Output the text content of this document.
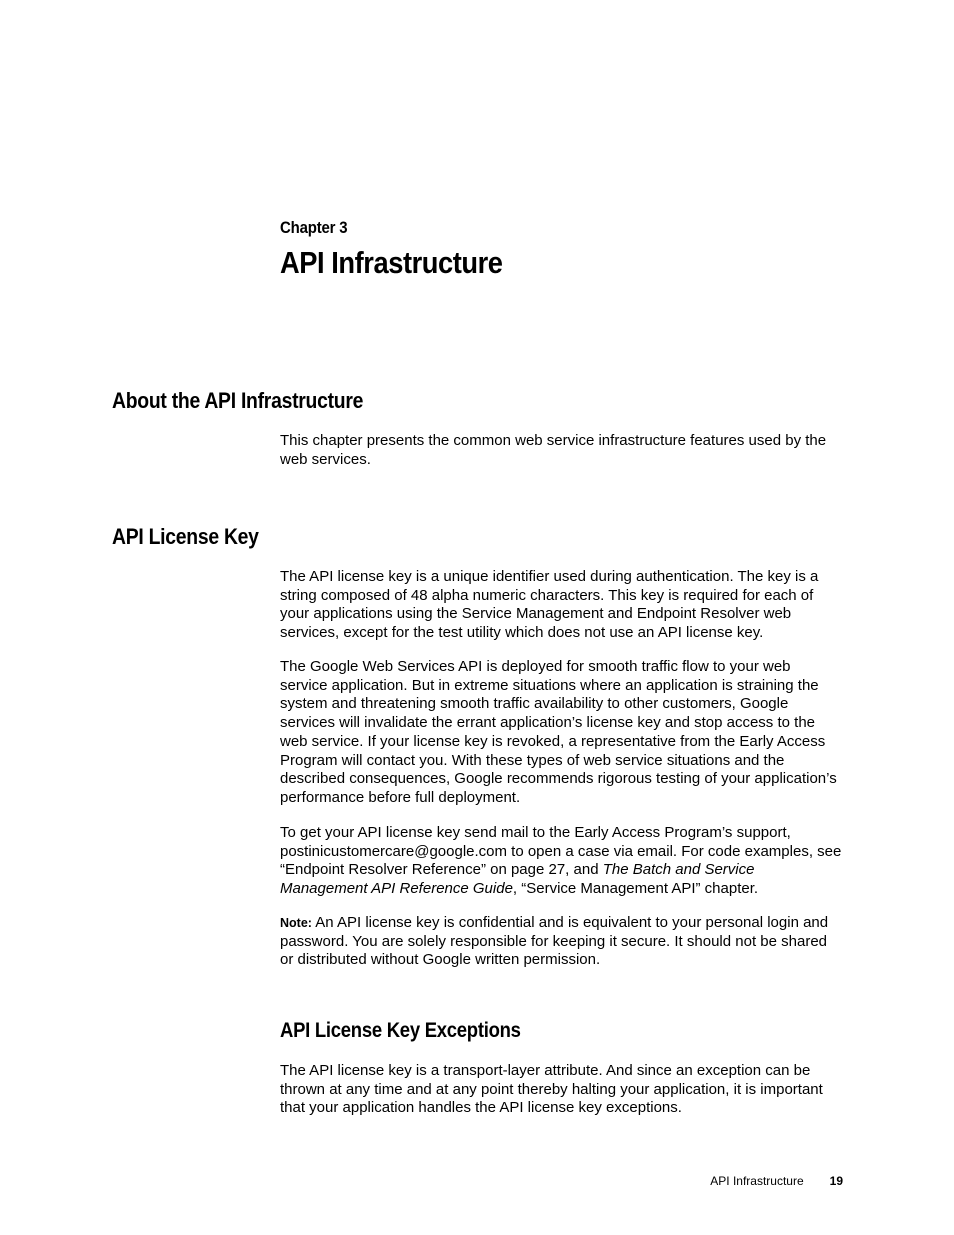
Chapter 3
API Infrastructure
About the API Infrastructure

This chapter presents the common web service infrastructure features used by the web services.

API License Key

The API license key is a unique identifier used during authentication. The key is a string composed of 48 alpha numeric characters. This key is required for each of your applications using the Service Management and Endpoint Resolver web services, except for the test utility which does not use an API license key.

The Google Web Services API is deployed for smooth traffic flow to your web service application. But in extreme situations where an application is straining the system and threatening smooth traffic availability to other customers, Google services will invalidate the errant application’s license key and stop access to the web service. If your license key is revoked, a representative from the Early Access Program will contact you. With these types of web service situations and the described consequences, Google recommends rigorous testing of your application’s performance before full deployment.

To get your API license key send mail to the Early Access Program’s support, postinicustomercare@google.com to open a case via email. For code examples, see “Endpoint Resolver Reference” on page 27, and The Batch and Service Management API Reference Guide, “Service Management API” chapter.

Note: An API license key is confidential and is equivalent to your personal login and password. You are solely responsible for keeping it secure. It should not be shared or distributed without Google written permission.

API License Key Exceptions

The API license key is a transport-layer attribute. And since an exception can be thrown at any time and at any point thereby halting your application, it is important that your application handles the API license key exceptions.

API Infrastructure 19
